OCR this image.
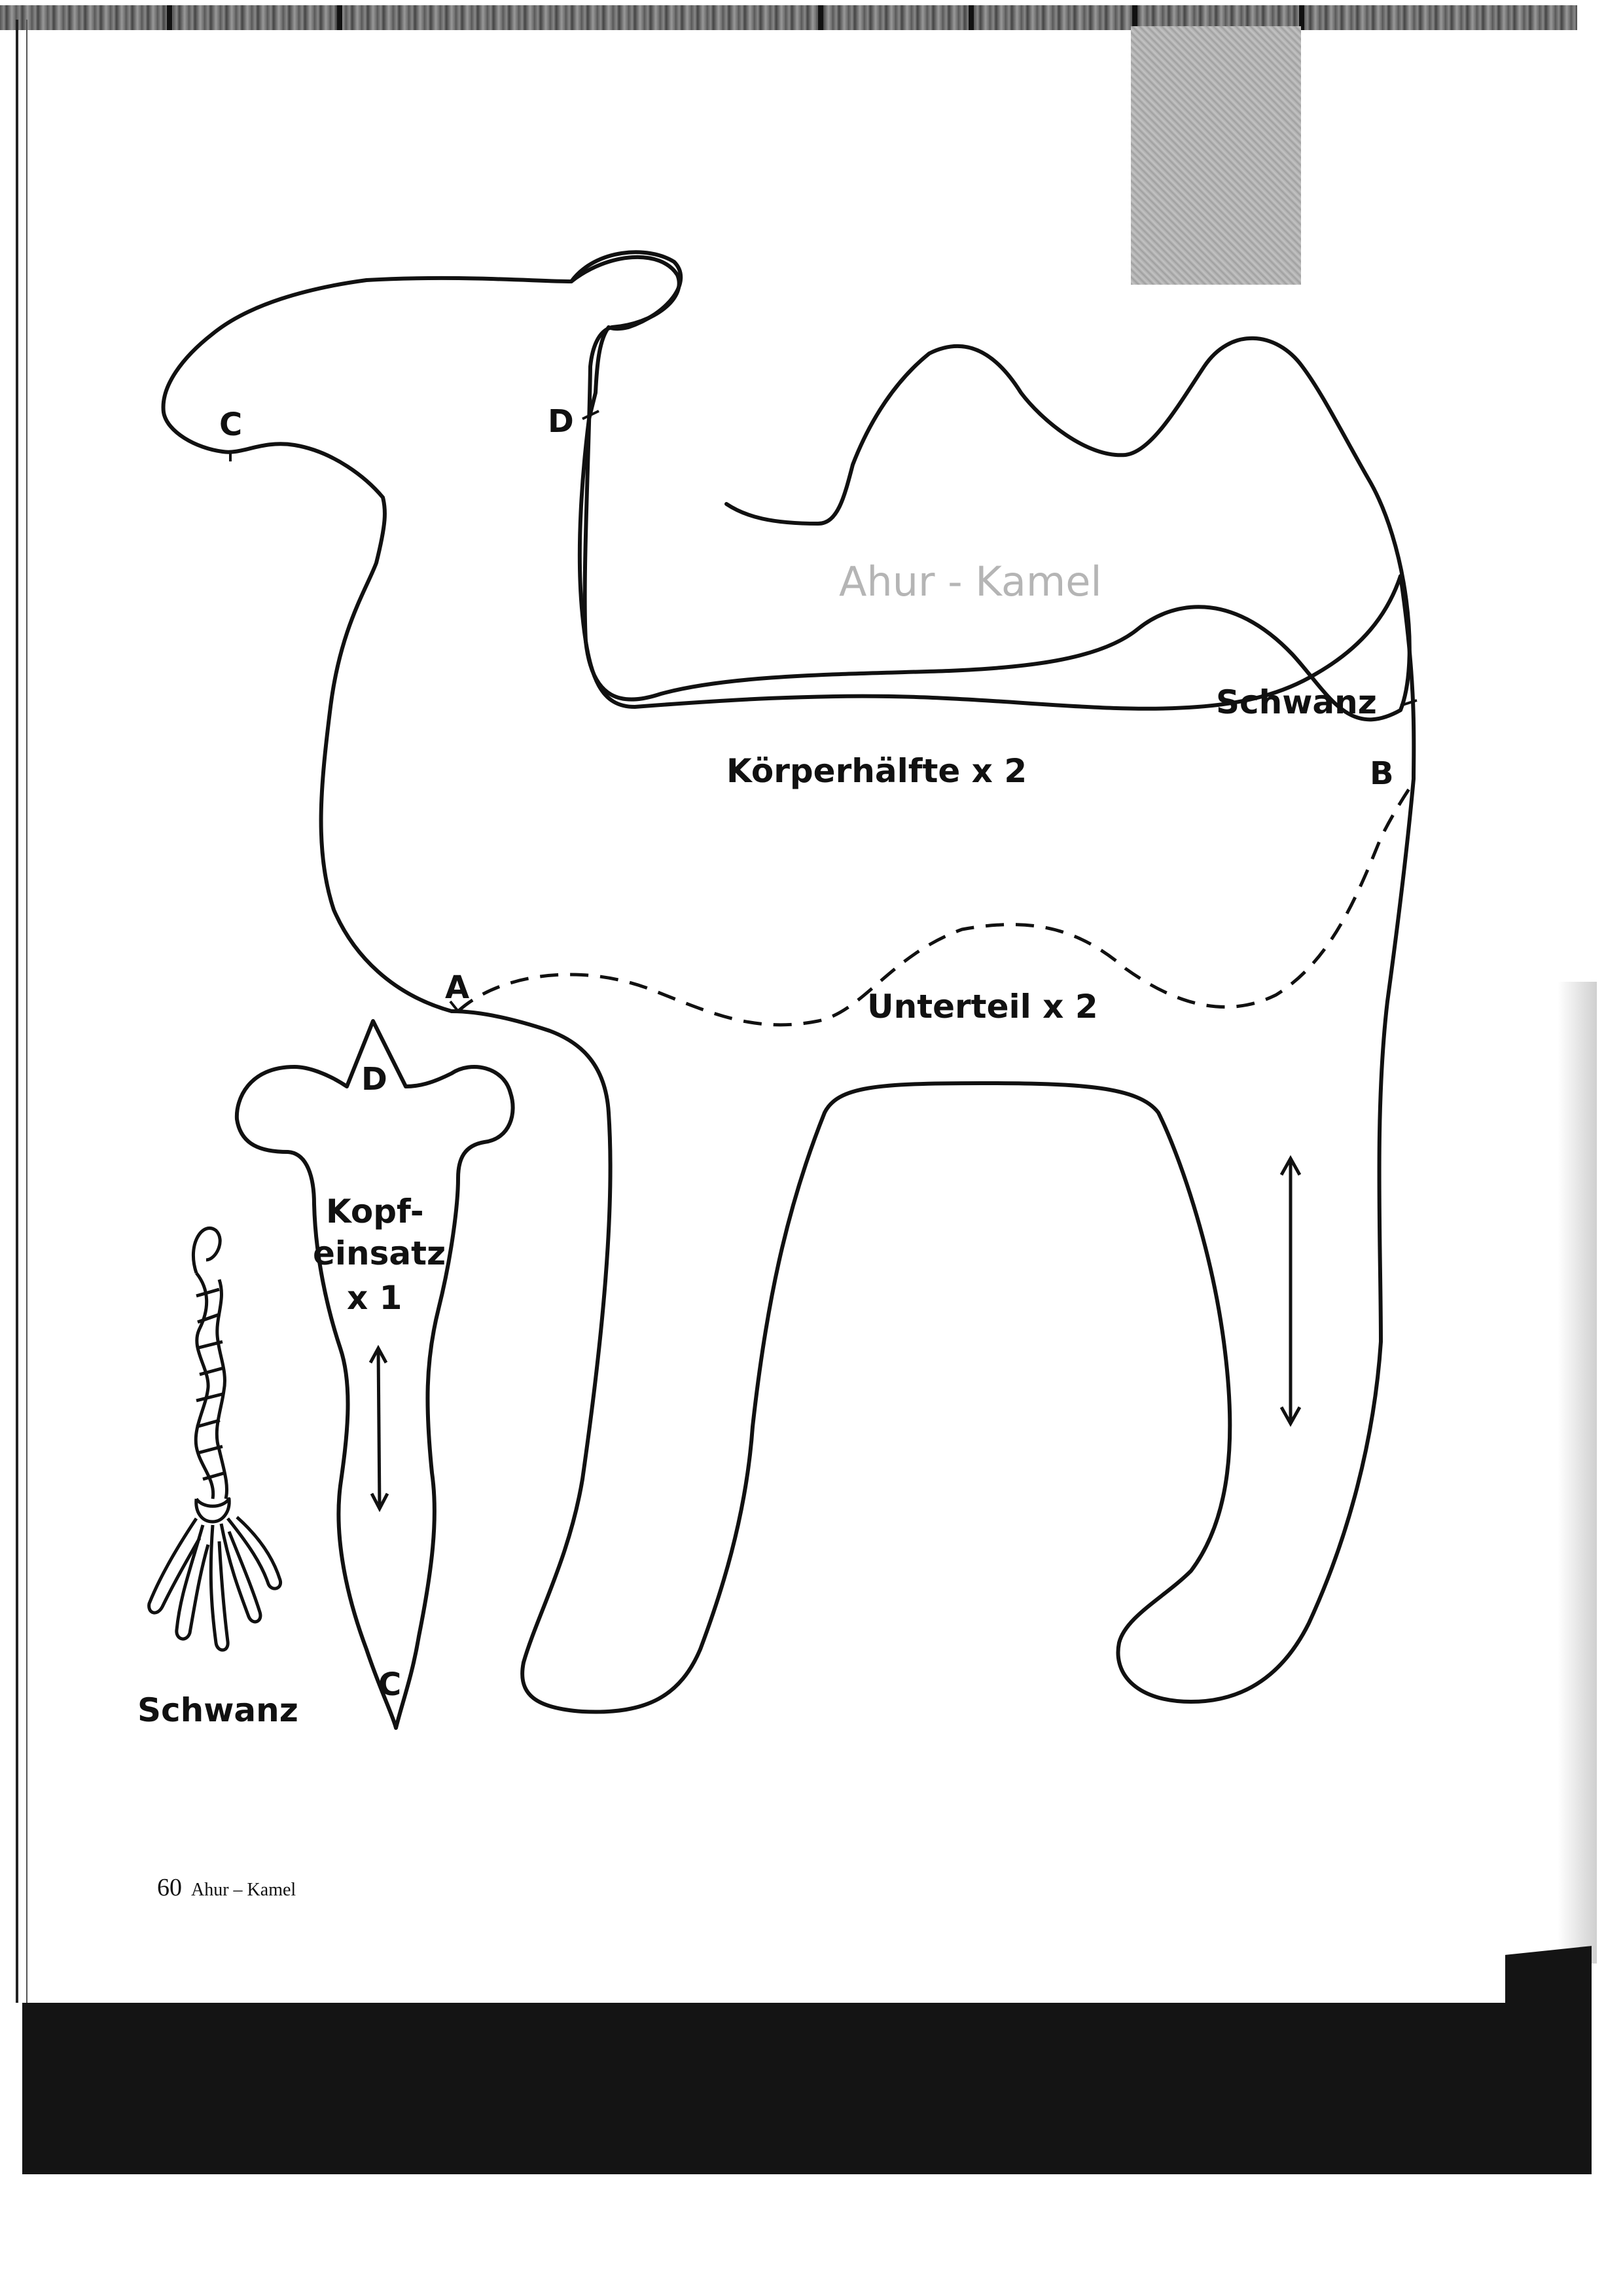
Ahur - Kamel
Körperhälfte x 2
Unterteil x 2
Schwanz
Kopf-
einsatz
x 1
Schwanz
C	D
A
B
D
C
60 Ahur – Kamel
